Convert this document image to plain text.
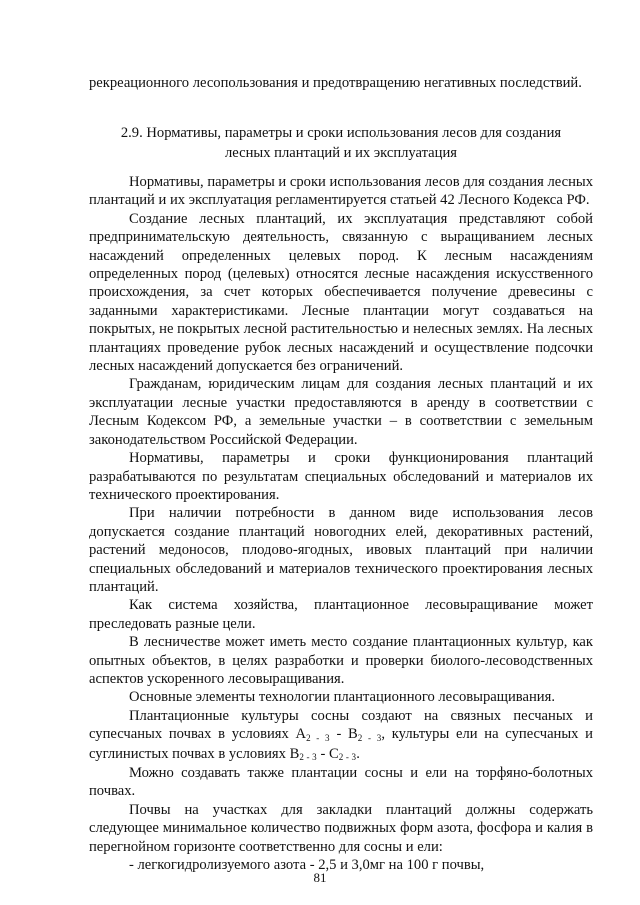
рекреационного лесопользования и предотвращению негативных последствий.

2.9. Нормативы, параметры и сроки использования лесов для создания
лесных плантаций и их эксплуатация

Нормативы, параметры и сроки использования лесов для создания лесных плантаций и их эксплуатация регламентируется статьей 42 Лесного Кодекса РФ.

Создание лесных плантаций, их эксплуатация представляют собой предпринимательскую деятельность, связанную с выращиванием лесных насаждений определенных целевых пород. К лесным насаждениям определенных пород (целевых) относятся лесные насаждения искусственного происхождения, за счет которых обеспечивается получение древесины с заданными характеристиками. Лесные плантации могут создаваться на покрытых, не покрытых лесной растительностью и нелесных землях. На лесных плантациях проведение рубок лесных насаждений и осуществление подсочки лесных насаждений допускается без ограничений.

Гражданам, юридическим лицам для создания лесных плантаций и их эксплуатации лесные участки предоставляются в аренду в соответствии с Лесным Кодексом РФ, а земельные участки – в соответствии с земельным законодательством Российской Федерации.

Нормативы, параметры и сроки функционирования плантаций разрабатываются по результатам специальных обследований и материалов их технического проектирования.

При наличии потребности в данном виде использования лесов допускается создание плантаций новогодних елей, декоративных растений, растений медоносов, плодово-ягодных, ивовых плантаций при наличии специальных обследований и материалов технического проектирования лесных плантаций.

Как система хозяйства, плантационное лесовыращивание может преследовать разные цели.

В лесничестве может иметь место создание плантационных культур, как опытных объектов, в целях разработки и проверки биолого-лесоводственных аспектов ускоренного лесовыращивания.

Основные элементы технологии плантационного лесовыращивания.

Плантационные культуры сосны создают на связных песчаных и супесчаных почвах в условиях $А_{2 - 3} - В_{2 - 3}$, культуры ели на супесчаных и суглинистых почвах в условиях $В_{2 - 3} - С_{2 - 3}$.

Можно создавать также плантации сосны и ели на торфяно-болотных почвах.

Почвы на участках для закладки плантаций должны содержать следующее минимальное количество подвижных форм азота, фосфора и калия в перегнойном горизонте соответственно для сосны и ели:

- легкогидролизуемого азота - 2,5 и 3,0мг на 100 г почвы,

81
